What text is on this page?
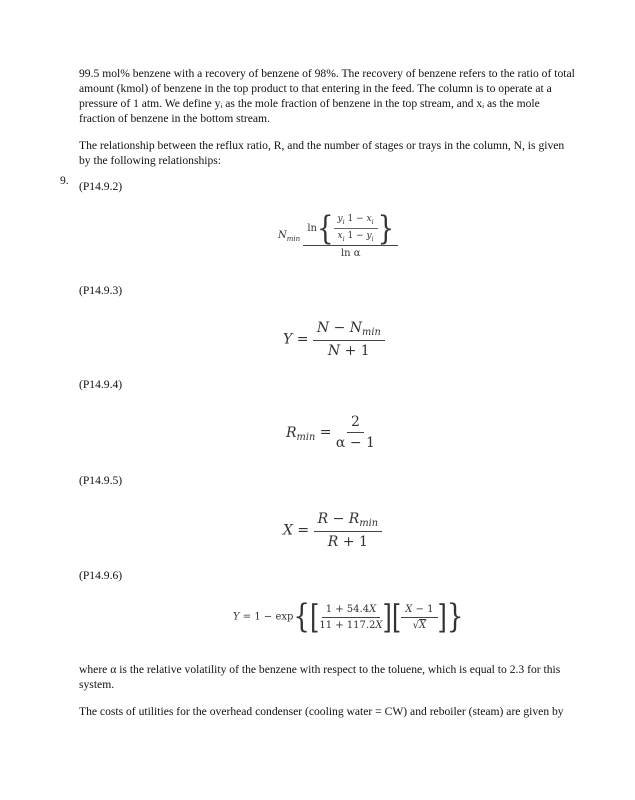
99.5 mol% benzene with a recovery of benzene of 98%. The recovery of benzene refers to the ratio of total amount (kmol) of benzene in the top product to that entering in the feed. The column is to operate at a pressure of 1 atm. We define yᵢ as the mole fraction of benzene in the top stream, and xᵢ as the mole fraction of benzene in the bottom stream.

The relationship between the reflux ratio, R, and the number of stages or trays in the column, N, is given by the following relationships:

9. (P14.9.2)
$N_{min} \frac{\ln\{ \frac{y_i 1 - x_i}{x_i 1 - y_i} \}}{\text{ln α}}$
(P14.9.3)
$Y = \frac{N - N_{min}}{N + 1}$
(P14.9.4)
$R_{min} = \frac{2}{\alpha - 1}$
(P14.9.5)
$X = \frac{R - R_{min}}{R + 1}$
(P14.9.6)
$Y = 1 - \exp\{[ \frac{1 + 54.4X}{11 + 117.2X}$ ][ $\frac{X - 1}{√X}$ ]}

where α is the relative volatility of the benzene with respect to the toluene, which is equal to 2.3 for this system.

The costs of utilities for the overhead condenser (cooling water = CW) and reboiler (steam) are given by
